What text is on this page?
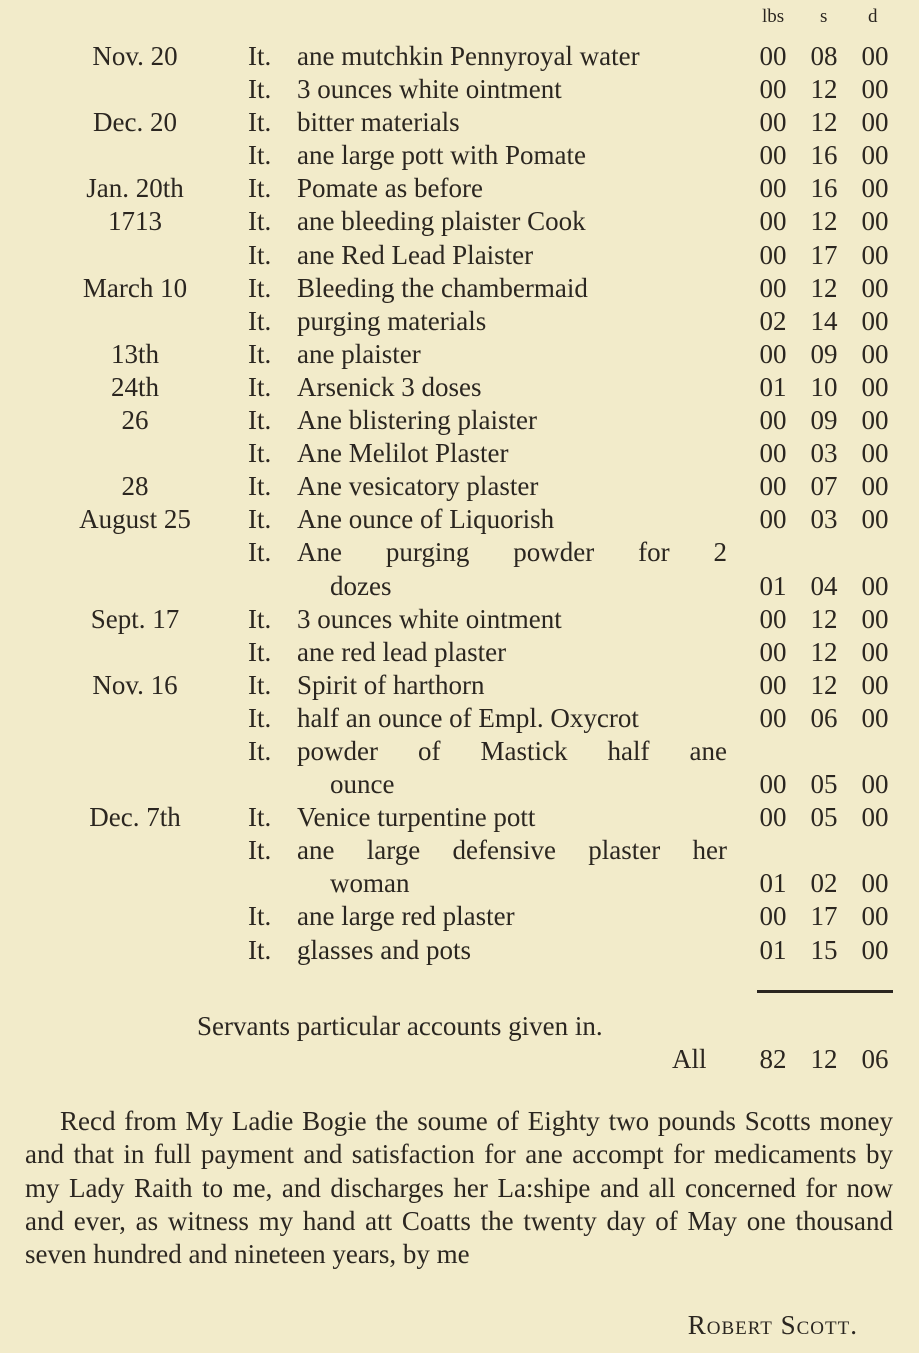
lbs s d
Nov. 20	It. ane mutchkin Pennyroyal water	00 08 00
It. 3 ounces white ointment	00 12 00
Dec. 20	It. bitter materials	00 12 00
It. ane large pott with Pomate	00 16 00
Jan. 20th	It. Pomate as before	00 16 00
1713	It. ane bleeding plaister Cook	00 12 00
It. ane Red Lead Plaister	00 17 00
March 10	It. Bleeding the chambermaid	00 12 00
It. purging materials	02 14 00
13th	It. ane plaister	00 09 00
24th	It. Arsenick 3 doses	01 10 00
26	It. Ane blistering plaister	00 09 00
It. Ane Melilot Plaster	00 03 00
28	It. Ane vesicatory plaster	00 07 00
August 25	It. Ane ounce of Liquorish	00 03 00
It. Ane purging powder for 2
dozes	01 04 00
Sept. 17	It. 3 ounces white ointment	00 12 00
It. ane red lead plaster	00 12 00
Nov. 16	It. Spirit of harthorn	00 12 00
It. half an ounce of Empl. Oxycrot	00 06 00
It. powder of Mastick half ane
ounce	00 05 00
Dec. 7th	It. Venice turpentine pott	00 05 00
It. ane large defensive plaster her
woman	01 02 00
It. ane large red plaster	00 17 00
It. glasses and pots	01 15 00
Servants particular accounts given in.
All 82 12 06
Recd from My Ladie Bogie the soume of Eighty two pounds Scotts money and that in full payment and satisfaction for ane accompt for medicaments by my Lady Raith to me, and discharges her La:shipe and all concerned for now and ever, as witness my hand att Coatts the twenty day of May one thousand seven hundred and nineteen years, by me
Robert Scott.
